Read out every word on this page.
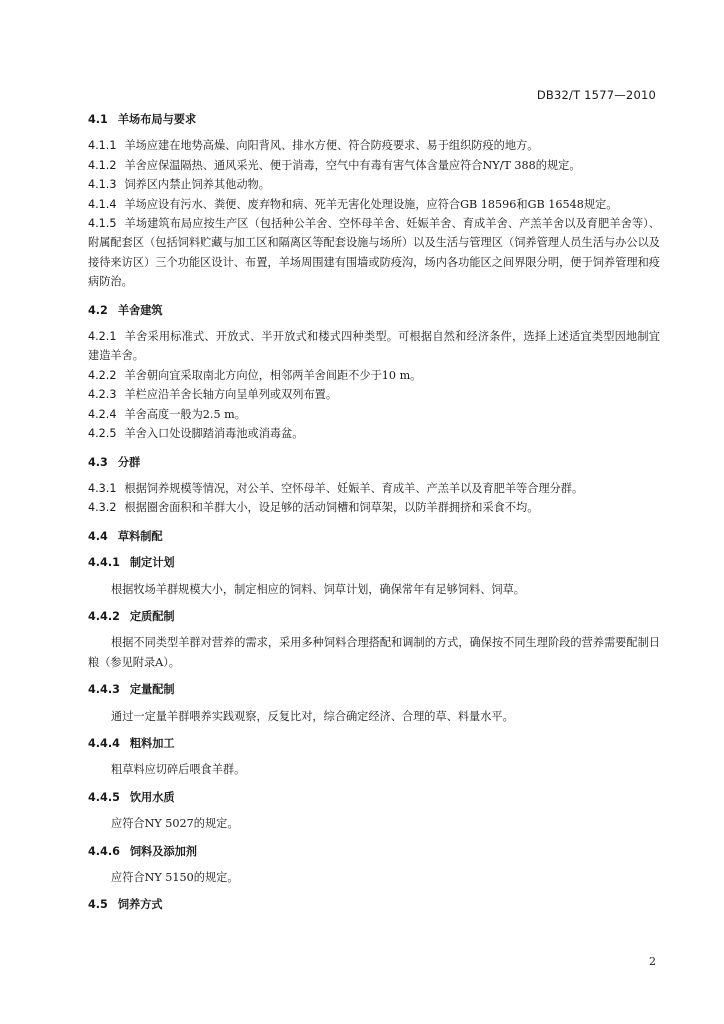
DB32/T 1577—2010
4.1 羊场布局与要求

4.1.1 羊场应建在地势高燥、向阳背风、排水方便、符合防疫要求、易于组织防疫的地方。

4.1.2 羊舍应保温隔热、通风采光、便于消毒，空气中有毒有害气体含量应符合NY/T 388的规定。

4.1.3 饲养区内禁止饲养其他动物。

4.1.4 羊场应设有污水、粪便、废弃物和病、死羊无害化处理设施，应符合GB 18596和GB 16548规定。

4.1.5 羊场建筑布局应按生产区（包括种公羊舍、空怀母羊舍、妊娠羊舍、育成羊舍、产羔羊舍以及育肥羊舍等）、附属配套区（包括饲料贮藏与加工区和隔离区等配套设施与场所）以及生活与管理区（饲养管理人员生活与办公以及接待来访区）三个功能区设计、布置，羊场周围建有围墙或防疫沟，场内各功能区之间界限分明，便于饲养管理和疫病防治。

4.2 羊舍建筑

4.2.1 羊舍采用标准式、开放式、半开放式和楼式四种类型。可根据自然和经济条件，选择上述适宜类型因地制宜建造羊舍。

4.2.2 羊舍朝向宜采取南北方向位，相邻两羊舍间距不少于10 m。

4.2.3 羊栏应沿羊舍长轴方向呈单列或双列布置。

4.2.4 羊舍高度一般为2.5 m。

4.2.5 羊舍入口处设脚踏消毒池或消毒盆。

4.3 分群

4.3.1 根据饲养规模等情况，对公羊、空怀母羊、妊娠羊、育成羊、产羔羊以及育肥羊等合理分群。

4.3.2 根据圈舍面积和羊群大小，设足够的活动饲槽和饲草架，以防羊群拥挤和采食不均。

4.4 草料制配
4.4.1 制定计划

根据牧场羊群规模大小，制定相应的饲料、饲草计划，确保常年有足够饲料、饲草。

4.4.2 定质配制

根据不同类型羊群对营养的需求，采用多种饲料合理搭配和调制的方式，确保按不同生理阶段的营养需要配制日粮（参见附录A）。

4.4.3 定量配制

通过一定量羊群喂养实践观察，反复比对，综合确定经济、合理的草、料量水平。

4.4.4 粗料加工

粗草料应切碎后喂食羊群。

4.4.5 饮用水质

应符合NY 5027的规定。

4.4.6 饲料及添加剂

应符合NY 5150的规定。

4.5 饲养方式
2
